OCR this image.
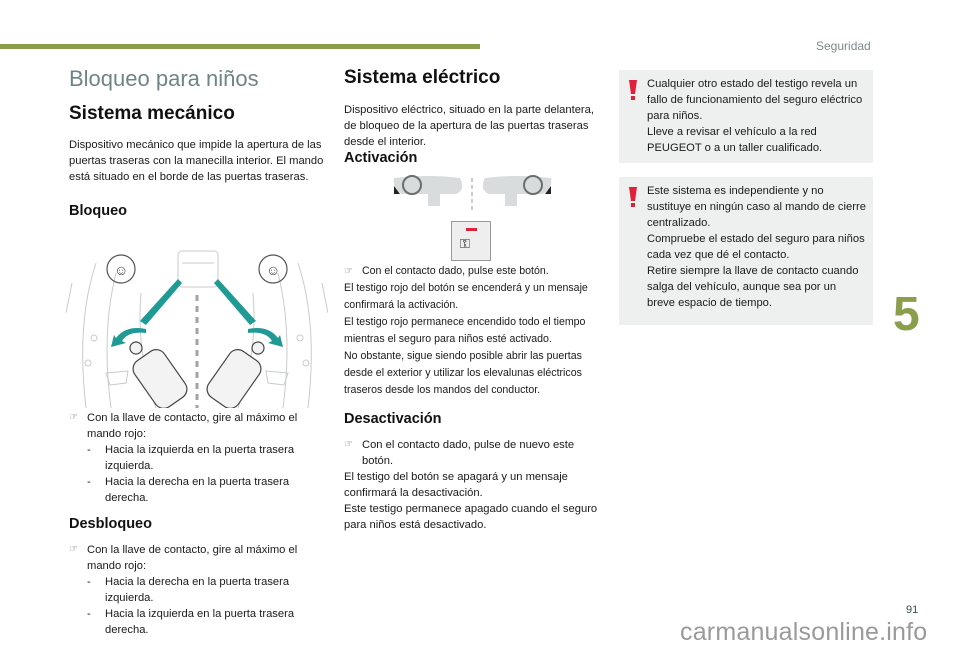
Seguridad
Bloqueo para niños
Sistema mecánico

Dispositivo mecánico que impide la apertura de las puertas traseras con la manecilla interior. El mando está situado en el borde de las puertas traseras.

Bloqueo
☺	☺
☞ Con la llave de contacto, gire al máximo el mando rojo:
- Hacia la izquierda en la puerta trasera izquierda.
- Hacia la derecha en la puerta trasera derecha.
Desbloqueo
☞ Con la llave de contacto, gire al máximo el mando rojo:
- Hacia la derecha en la puerta trasera izquierda.
- Hacia la izquierda en la puerta trasera derecha.
Sistema eléctrico

Dispositivo eléctrico, situado en la parte delantera, de bloqueo de la apertura de las puertas traseras desde el interior.

Activación
⚿
☞ Con el contacto dado, pulse este botón.

El testigo rojo del botón se encenderá y un mensaje confirmará la activación.

El testigo rojo permanece encendido todo el tiempo mientras el seguro para niños esté activado.

No obstante, sigue siendo posible abrir las puertas desde el exterior y utilizar los elevalunas eléctricos traseros desde los mandos del conductor.

Desactivación
☞ Con el contacto dado, pulse de nuevo este botón.

El testigo del botón se apagará y un mensaje confirmará la desactivación.

Este testigo permanece apagado cuando el seguro para niños está desactivado.

Cualquier otro estado del testigo revela un fallo de funcionamiento del seguro eléctrico para niños.
Lleve a revisar el vehículo a la red PEUGEOT o a un taller cualificado.
Este sistema es independiente y no sustituye en ningún caso al mando de cierre centralizado.
Compruebe el estado del seguro para niños cada vez que dé el contacto.
Retire siempre la llave de contacto cuando salga del vehículo, aunque sea por un breve espacio de tiempo.	5
91
carmanualsonline.info
